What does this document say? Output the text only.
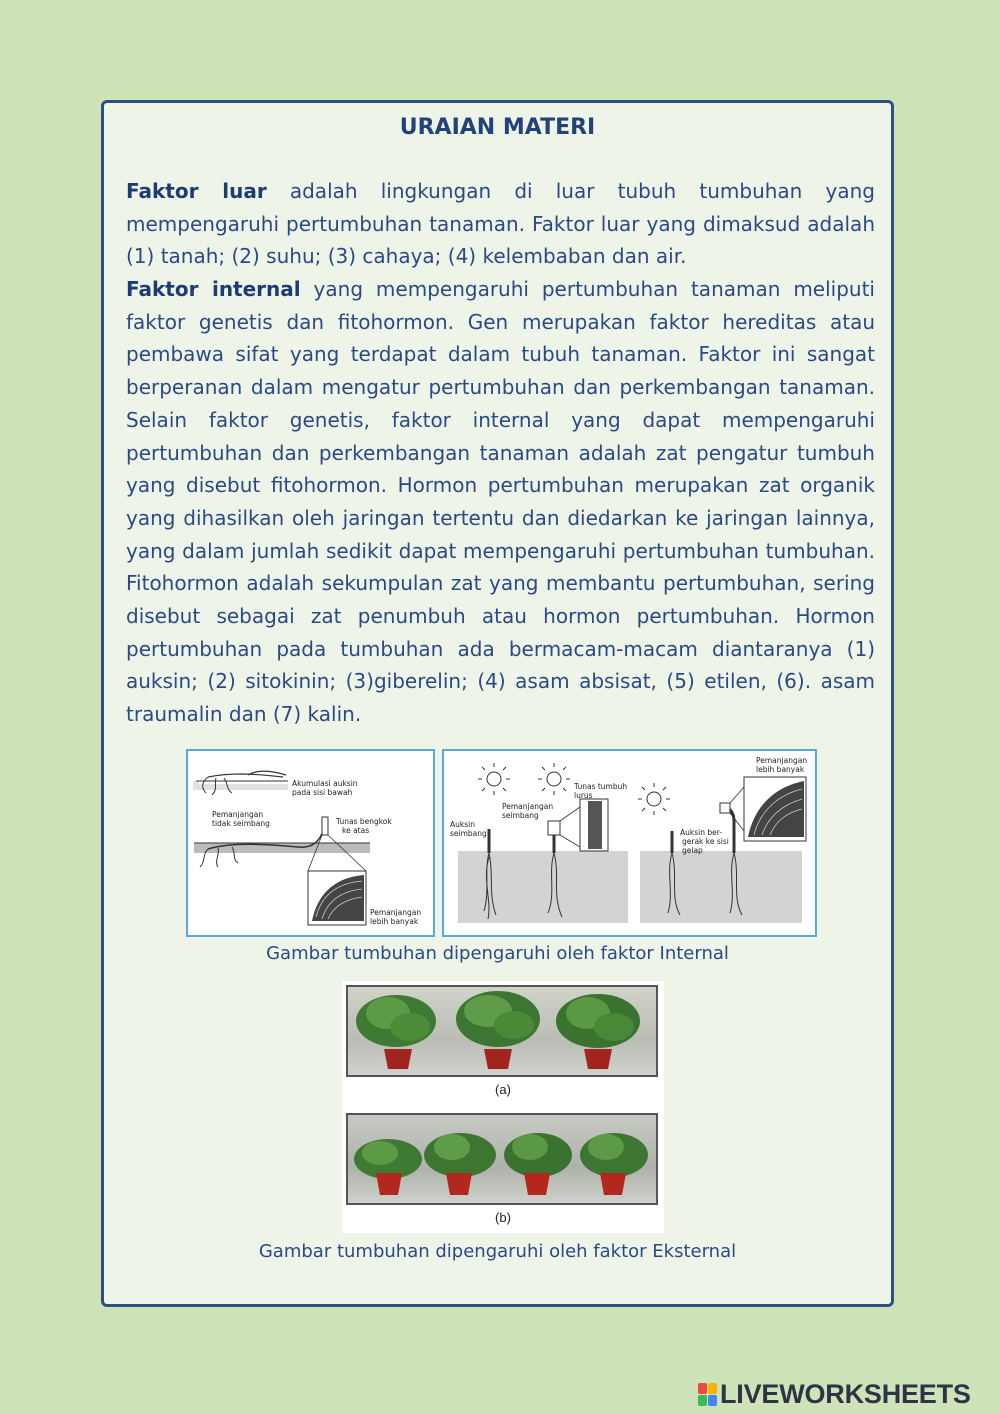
URAIAN MATERI

Faktor luar adalah lingkungan di luar tubuh tumbuhan yang mempengaruhi pertumbuhan tanaman. Faktor luar yang dimaksud adalah (1) tanah; (2) suhu; (3) cahaya; (4) kelembaban dan air.

Faktor internal yang mempengaruhi pertumbuhan tanaman meliputi faktor genetis dan fitohormon. Gen merupakan faktor hereditas atau pembawa sifat yang terdapat dalam tubuh tanaman. Faktor ini sangat berperanan dalam mengatur pertumbuhan dan perkembangan tanaman. Selain faktor genetis, faktor internal yang dapat mempengaruhi pertumbuhan dan perkembangan tanaman adalah zat pengatur tumbuh yang disebut fitohormon. Hormon pertumbuhan merupakan zat organik yang dihasilkan oleh jaringan tertentu dan diedarkan ke jaringan lainnya, yang dalam jumlah sedikit dapat mempengaruhi pertumbuhan tumbuhan. Fitohormon adalah sekumpulan zat yang membantu pertumbuhan, sering disebut sebagai zat penumbuh atau hormon pertumbuhan. Hormon pertumbuhan pada tumbuhan ada bermacam-macam diantaranya (1) auksin; (2) sitokinin; (3)giberelin; (4) asam absisat, (5) etilen, (6). asam traumalin dan (7) kalin.

Akumulasi auksin
pada sisi bawah
Pemanjangan
tidak seimbang	Tunas bengkok
ke atas
Pemanjangan
lebih banyak
Auksin
seimbang
Tunas tumbuh
lurus
Pemanjangan
seimbang
Pemanjangan
lebih banyak
Auksin ber-
gerak ke sisi
gelap
Gambar tumbuhan dipengaruhi oleh faktor Internal
(a)
(b)
Gambar tumbuhan dipengaruhi oleh faktor Eksternal
LIVEWORKSHEETS
